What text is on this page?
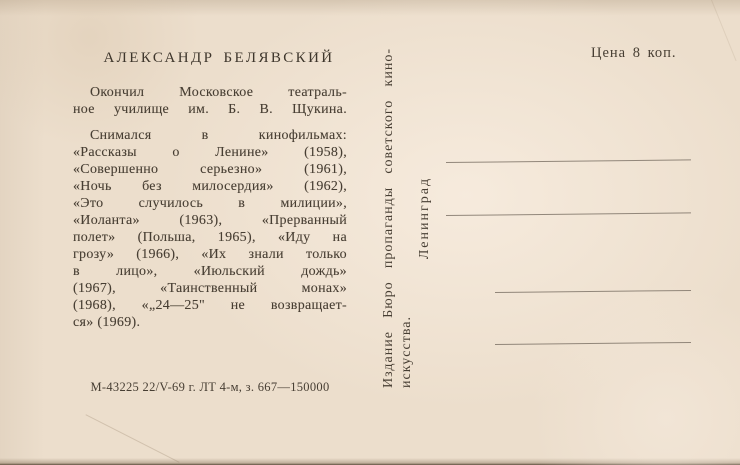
АЛЕКСАНДР БЕЛЯВСКИЙ
Окончил Московское театраль-
ное училище им. Б. В. Щукина.
Снимался в кинофильмах:
«Рассказы о Ленине» (1958),
«Совершенно серьезно» (1961),
«Ночь без милосердия» (1962),
«Это случилось в милиции»,
«Иоланта» (1963), «Прерванный
полет» (Польша, 1965), «Иду на
грозу» (1966), «Их знали только
в лицо», «Июльский дождь»
(1967), «Таинственный монах»
(1968), «„24—25" не возвращает-
ся» (1969).
М-43225 22/V-69 г. ЛТ 4-м, з. 667—150000
Цена 8 коп.
Издание Бюро пропаганды советского кино- искусства.
Ленинград
